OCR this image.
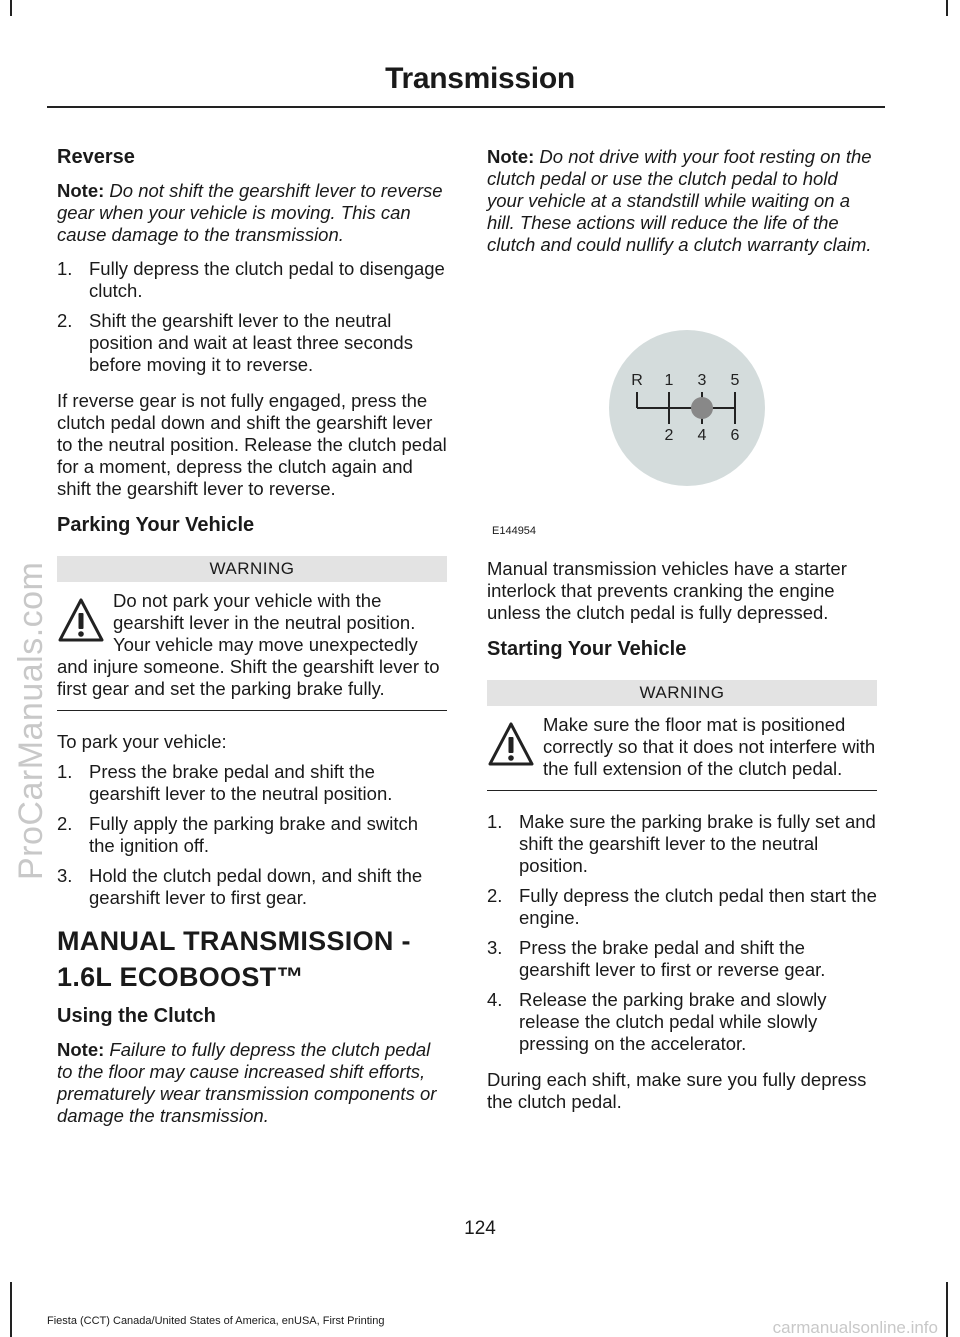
Transmission
ProCarManuals.com
Reverse
Note: Do not shift the gearshift lever to reverse gear when your vehicle is moving. This can cause damage to the transmission.
1. Fully depress the clutch pedal to disengage clutch.
2. Shift the gearshift lever to the neutral position and wait at least three seconds before moving it to reverse.

If reverse gear is not fully engaged, press the clutch pedal down and shift the gearshift lever to the neutral position. Release the clutch pedal for a moment, depress the clutch again and shift the gearshift lever to reverse.

Parking Your Vehicle
WARNING
Do not park your vehicle with the gearshift lever in the neutral position. Your vehicle may move unexpectedly and injure someone. Shift the gearshift lever to first gear and set the parking brake fully.

To park your vehicle:

1. Press the brake pedal and shift the gearshift lever to the neutral position.
2. Fully apply the parking brake and switch the ignition off.
3. Hold the clutch pedal down, and shift the gearshift lever to first gear.
MANUAL TRANSMISSION -
1.6L ECOBOOST™
Using the Clutch
Note: Failure to fully depress the clutch pedal to the floor may cause increased shift efforts, prematurely wear transmission components or damage the transmission.
Note: Do not drive with your foot resting on the clutch pedal or use the clutch pedal to hold your vehicle at a standstill while waiting on a hill. These actions will reduce the life of the clutch and could nullify a clutch warranty claim.
R 1 3 5
2 4 6
E144954

Manual transmission vehicles have a starter interlock that prevents cranking the engine unless the clutch pedal is fully depressed.

Starting Your Vehicle
WARNING
Make sure the floor mat is positioned correctly so that it does not interfere with the full extension of the clutch pedal.
1. Make sure the parking brake is fully set and shift the gearshift lever to the neutral position.
2. Fully depress the clutch pedal then start the engine.
3. Press the brake pedal and shift the gearshift lever to first or reverse gear.
4. Release the parking brake and slowly release the clutch pedal while slowly pressing on the accelerator.

During each shift, make sure you fully depress the clutch pedal.

124
Fiesta (CCT) Canada/United States of America, enUSA, First Printing	carmanualsonline.info
